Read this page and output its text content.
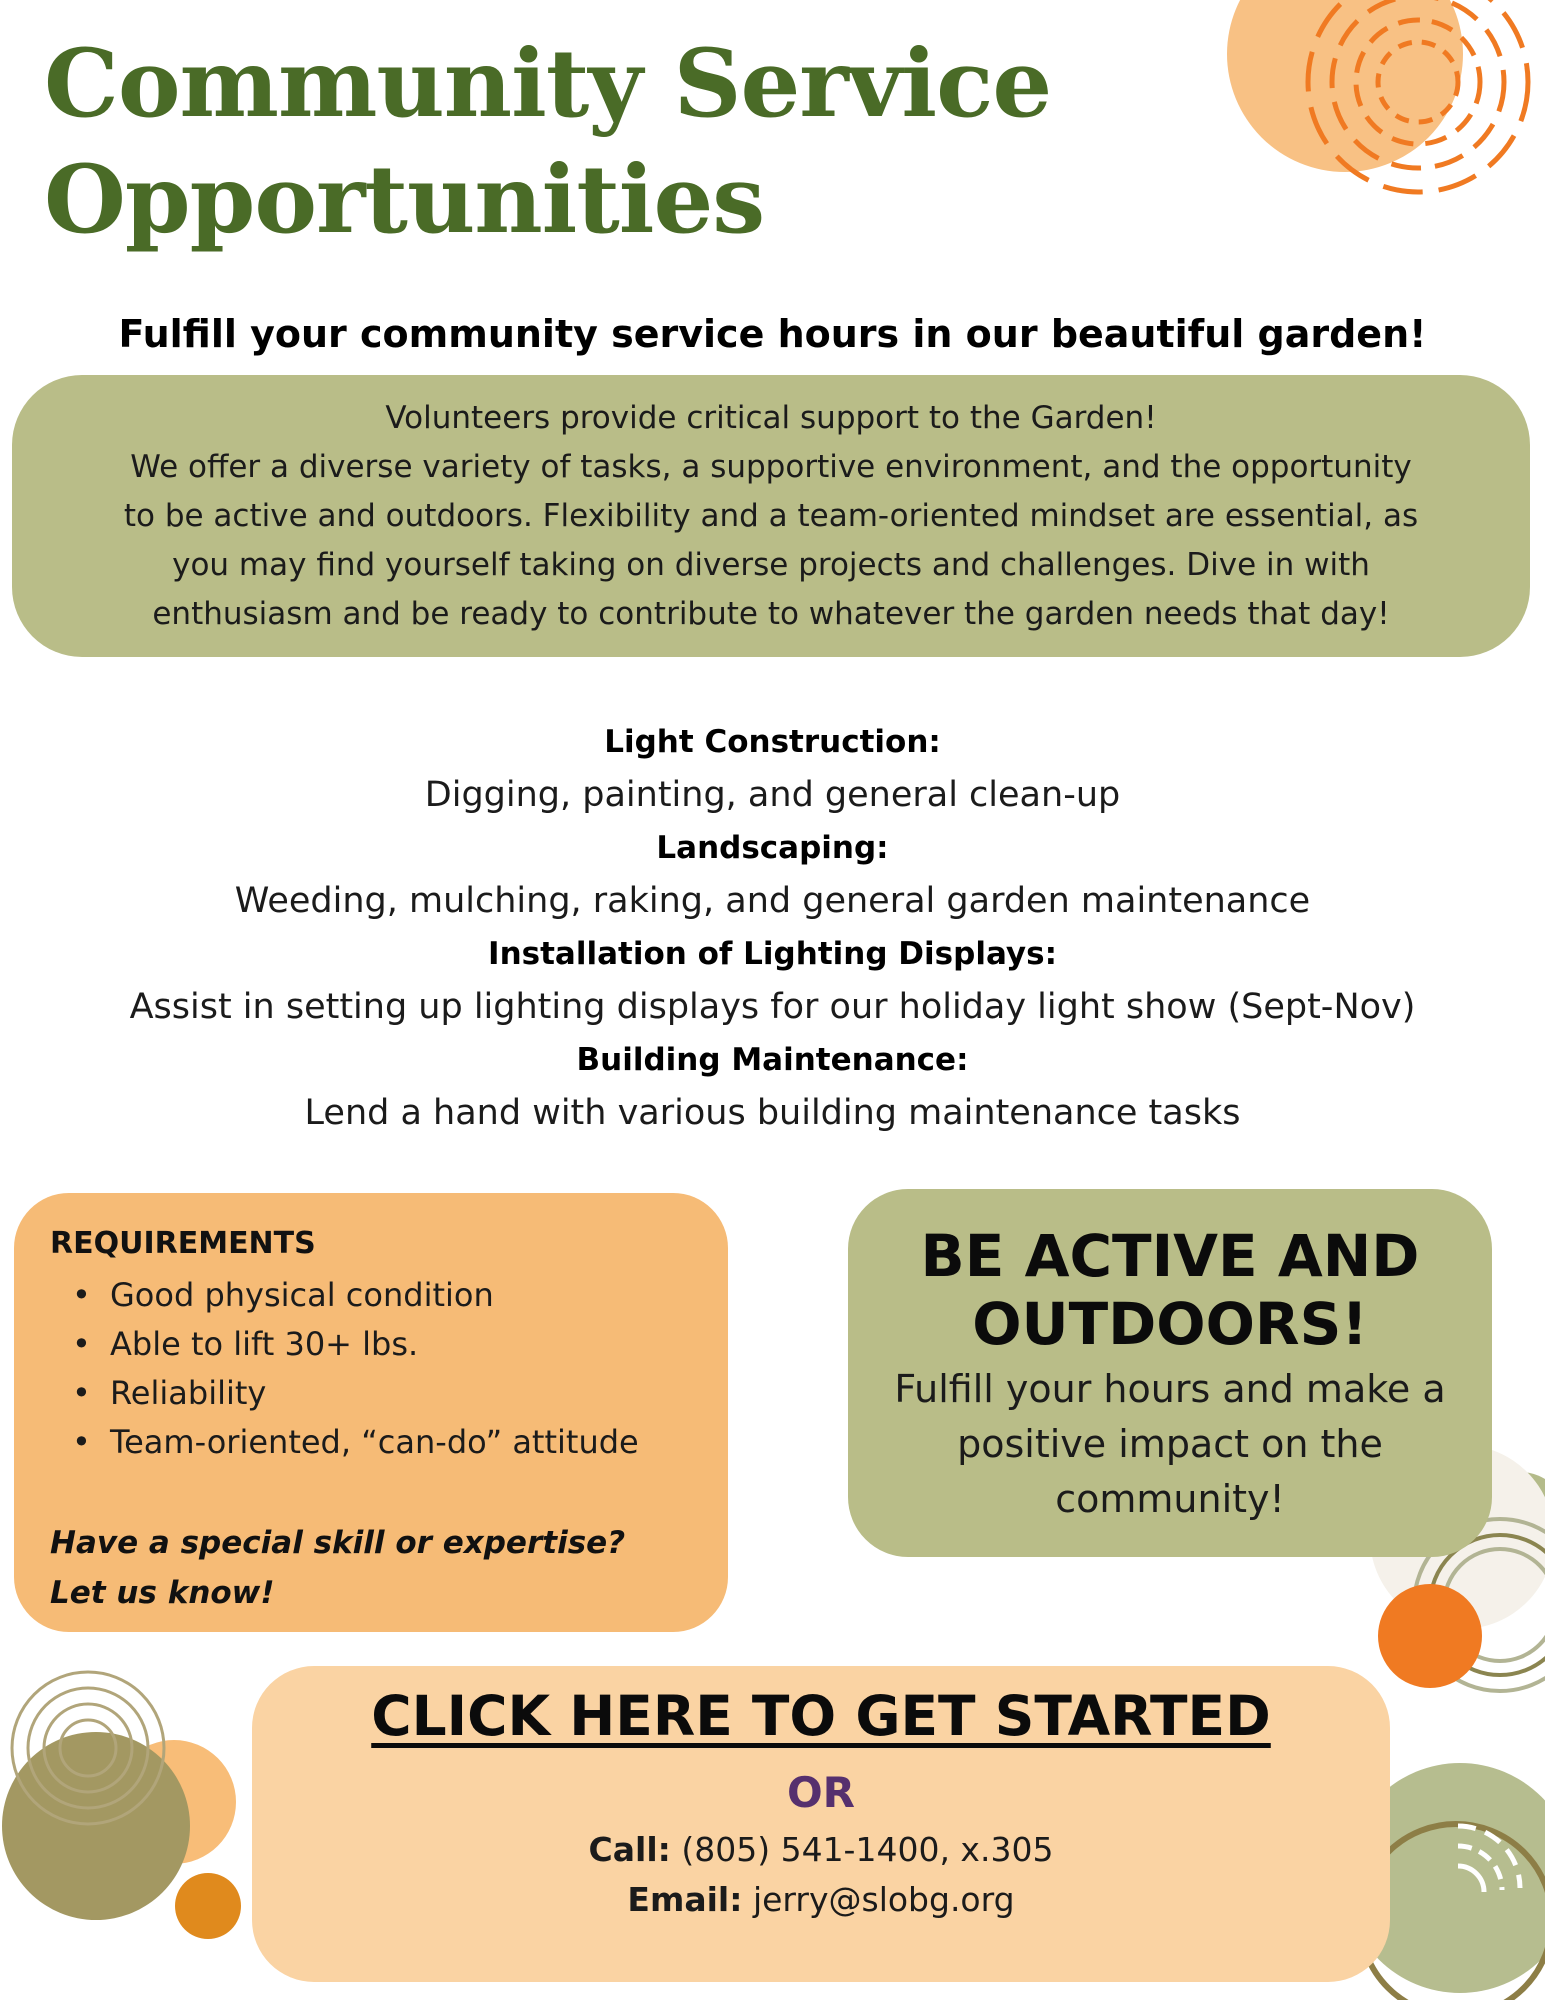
Community Service
Opportunities
Fulfill your community service hours in our beautiful garden!
Volunteers provide critical support to the Garden!
We offer a diverse variety of tasks, a supportive environment, and the opportunity
to be active and outdoors. Flexibility and a team-oriented mindset are essential, as
you may find yourself taking on diverse projects and challenges. Dive in with
enthusiasm and be ready to contribute to whatever the garden needs that day!
Light Construction:
Digging, painting, and general clean-up
Landscaping:
Weeding, mulching, raking, and general garden maintenance
Installation of Lighting Displays:
Assist in setting up lighting displays for our holiday light show (Sept-Nov)
Building Maintenance:
Lend a hand with various building maintenance tasks
REQUIREMENTS
• Good physical condition
• Able to lift 30+ lbs.
• Reliability
• Team-oriented, “can-do” attitude
Have a special skill or expertise?
Let us know!
BE ACTIVE AND
OUTDOORS!
Fulfill your hours and make a
positive impact on the
community!
CLICK HERE TO GET STARTED
OR
Call: (805) 541-1400, x.305
Email: jerry@slobg.org
